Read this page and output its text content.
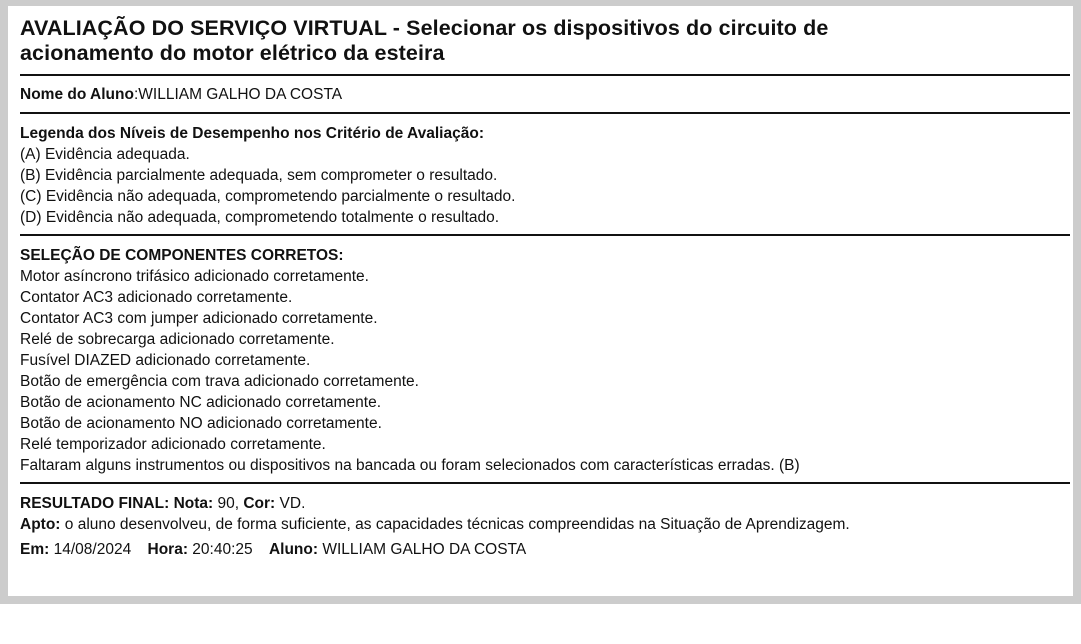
AVALIAÇÃO DO SERVIÇO VIRTUAL - Selecionar os dispositivos do circuito de
acionamento do motor elétrico da esteira
Nome do Aluno:WILLIAM GALHO DA COSTA
Legenda dos Níveis de Desempenho nos Critério de Avaliação:
(A) Evidência adequada.
(B) Evidência parcialmente adequada, sem comprometer o resultado.
(C) Evidência não adequada, comprometendo parcialmente o resultado.
(D) Evidência não adequada, comprometendo totalmente o resultado.
SELEÇÃO DE COMPONENTES CORRETOS:
Motor asíncrono trifásico adicionado corretamente.
Contator AC3 adicionado corretamente.
Contator AC3 com jumper adicionado corretamente.
Relé de sobrecarga adicionado corretamente.
Fusível DIAZED adicionado corretamente.
Botão de emergência com trava adicionado corretamente.
Botão de acionamento NC adicionado corretamente.
Botão de acionamento NO adicionado corretamente.
Relé temporizador adicionado corretamente.
Faltaram alguns instrumentos ou dispositivos na bancada ou foram selecionados com características erradas. (B)
RESULTADO FINAL: Nota: 90, Cor: VD.
Apto: o aluno desenvolveu, de forma suficiente, as capacidades técnicas compreendidas na Situação de Aprendizagem.
Em: 14/08/2024 Hora: 20:40:25 Aluno: WILLIAM GALHO DA COSTA
